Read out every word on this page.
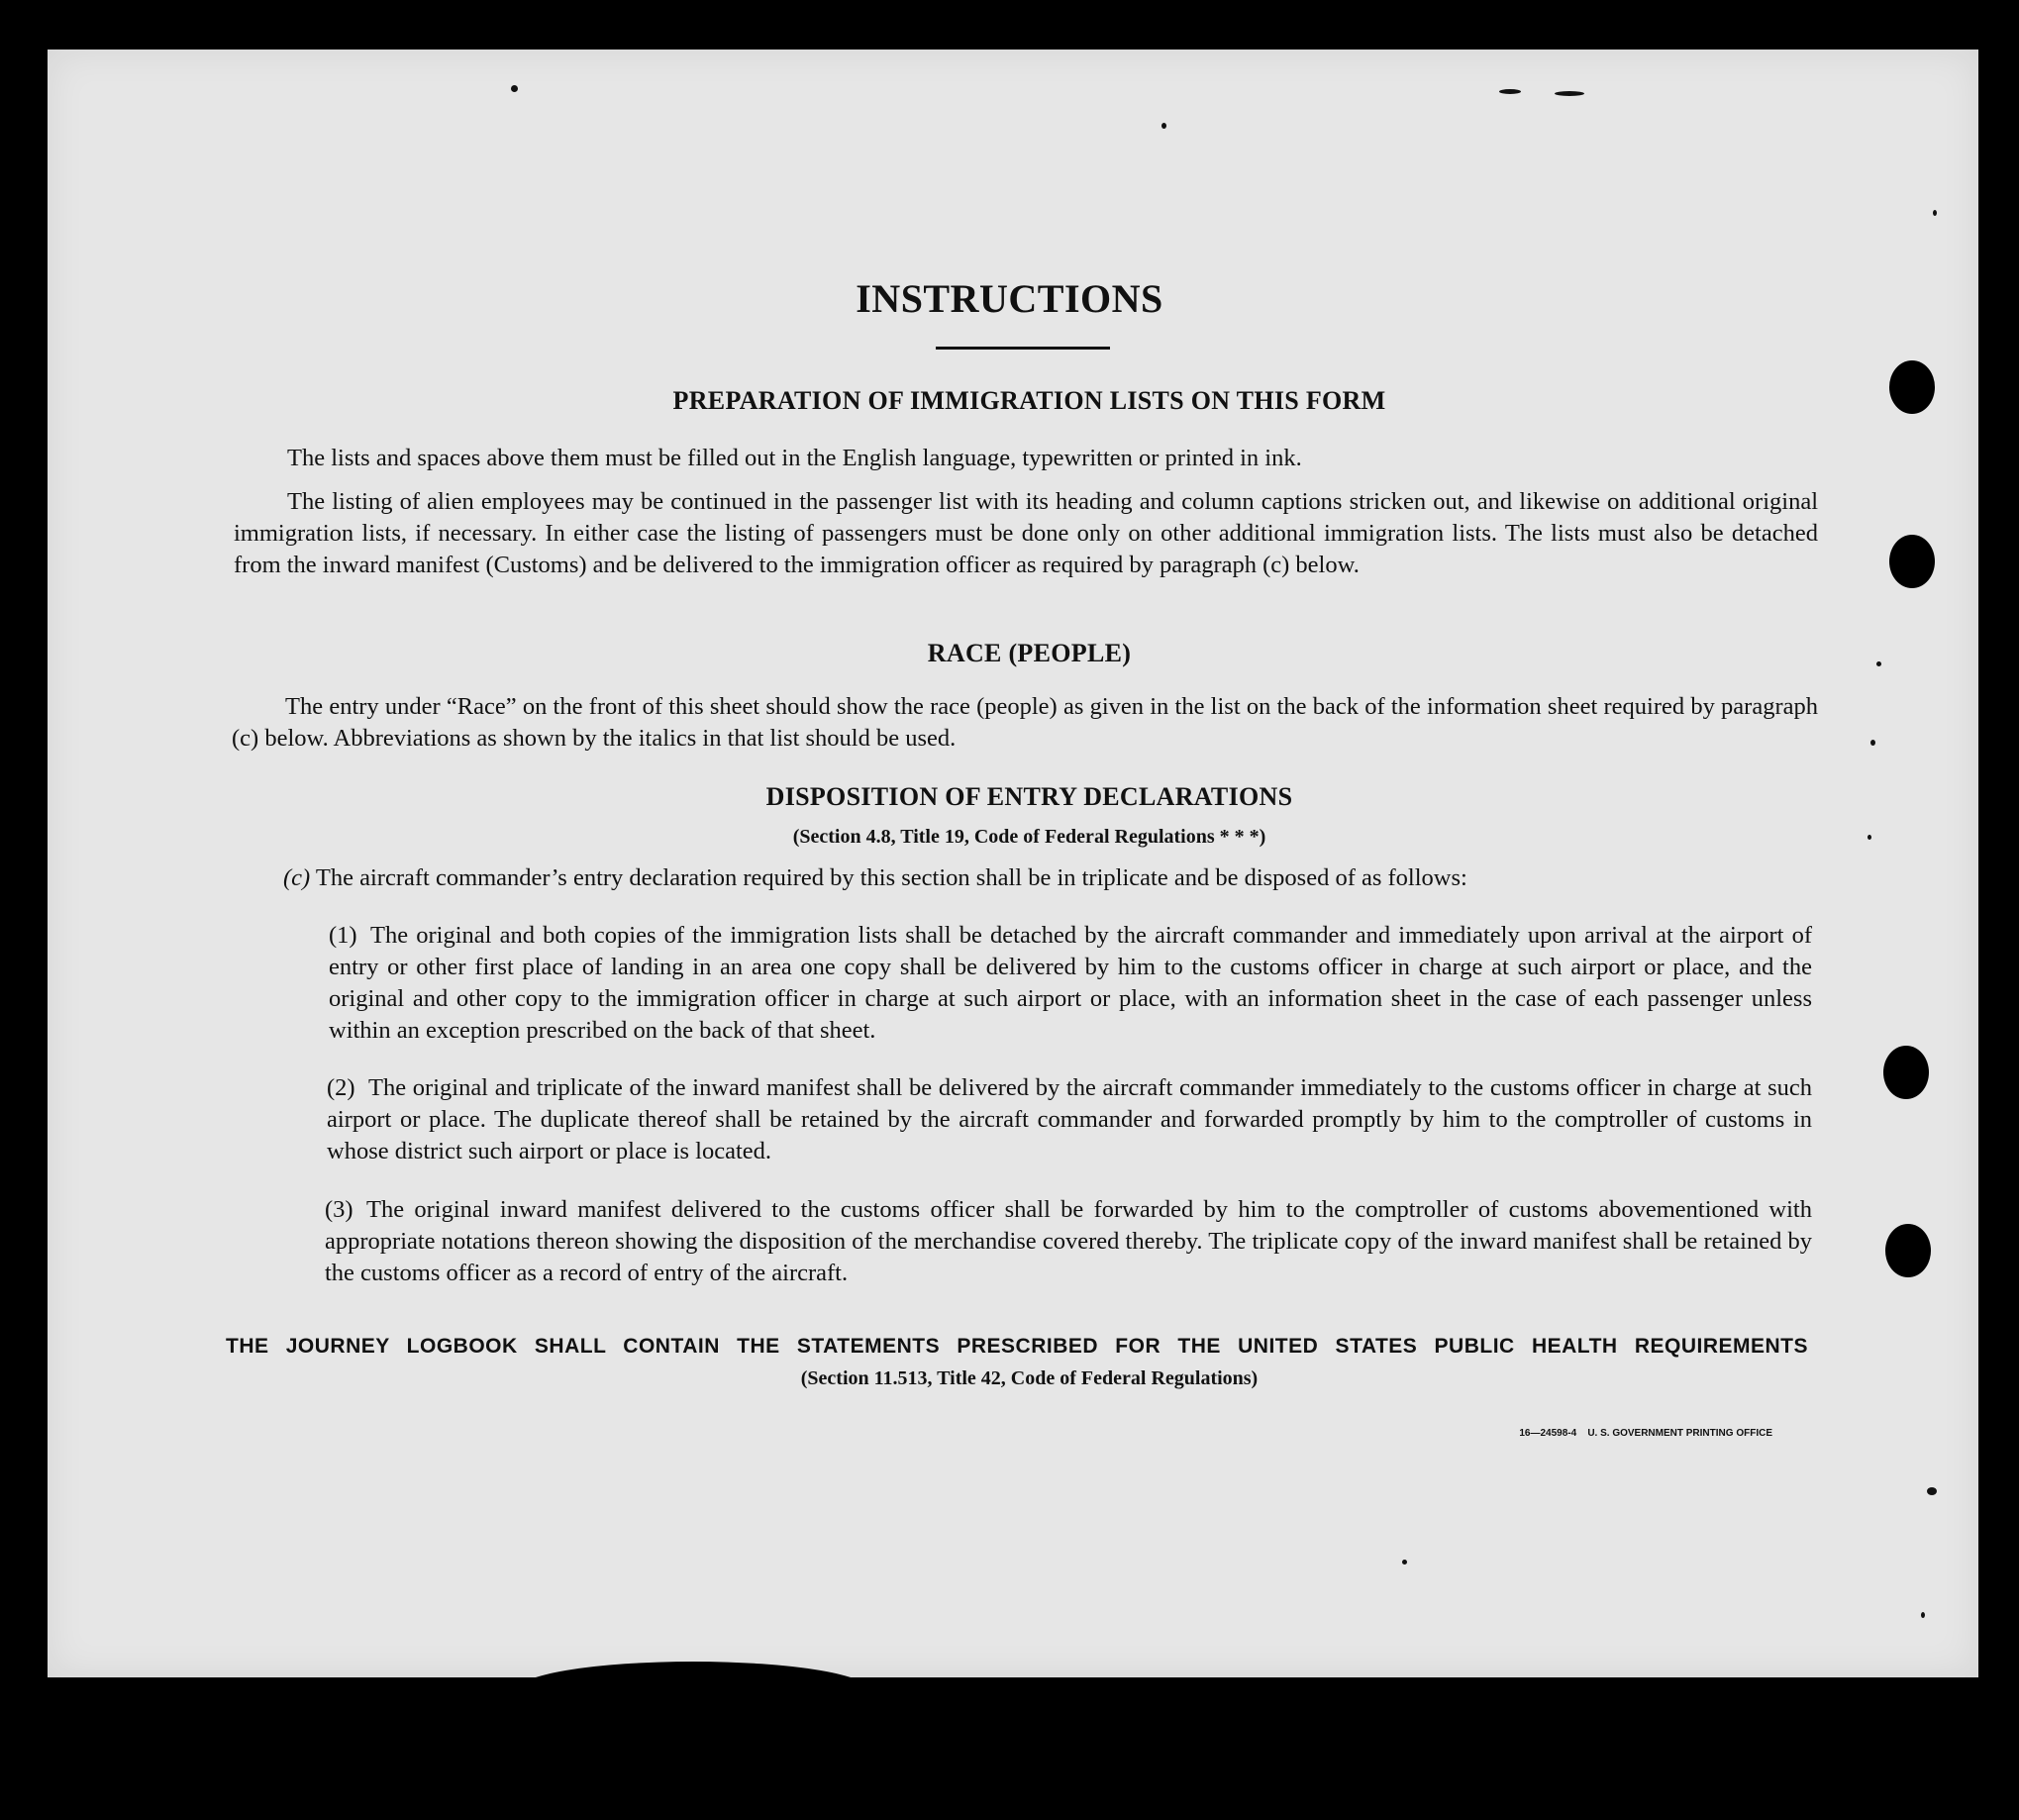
INSTRUCTIONS
PREPARATION OF IMMIGRATION LISTS ON THIS FORM

The lists and spaces above them must be filled out in the English language, typewritten or printed in ink.

The listing of alien employees may be continued in the passenger list with its heading and column captions stricken out, and likewise on additional original immigration lists, if necessary. In either case the listing of passengers must be done only on other additional immigration lists. The lists must also be detached from the inward manifest (Customs) and be delivered to the immigration officer as required by paragraph (c) below.

RACE (PEOPLE)

The entry under “Race” on the front of this sheet should show the race (people) as given in the list on the back of the information sheet required by paragraph (c) below. Abbreviations as shown by the italics in that list should be used.

DISPOSITION OF ENTRY DECLARATIONS
(Section 4.8, Title 19, Code of Federal Regulations * * *)

(c) The aircraft commander’s entry declaration required by this section shall be in triplicate and be disposed of as follows:

(1) The original and both copies of the immigration lists shall be detached by the aircraft commander and immediately upon arrival at the airport of entry or other first place of landing in an area one copy shall be delivered by him to the customs officer in charge at such airport or place, and the original and other copy to the immigration officer in charge at such airport or place, with an information sheet in the case of each passenger unless within an exception prescribed on the back of that sheet.

(2) The original and triplicate of the inward manifest shall be delivered by the aircraft commander immediately to the customs officer in charge at such airport or place. The duplicate thereof shall be retained by the aircraft commander and forwarded promptly by him to the comptroller of customs in whose district such airport or place is located.

(3) The original inward manifest delivered to the customs officer shall be forwarded by him to the comptroller of customs abovementioned with appropriate notations thereon showing the disposition of the merchandise covered thereby. The triplicate copy of the inward manifest shall be retained by the customs officer as a record of entry of the aircraft.

THE JOURNEY LOGBOOK SHALL CONTAIN THE STATEMENTS PRESCRIBED FOR THE UNITED STATES PUBLIC HEALTH REQUIREMENTS
(Section 11.513, Title 42, Code of Federal Regulations)
16—24598-4 U. S. GOVERNMENT PRINTING OFFICE
